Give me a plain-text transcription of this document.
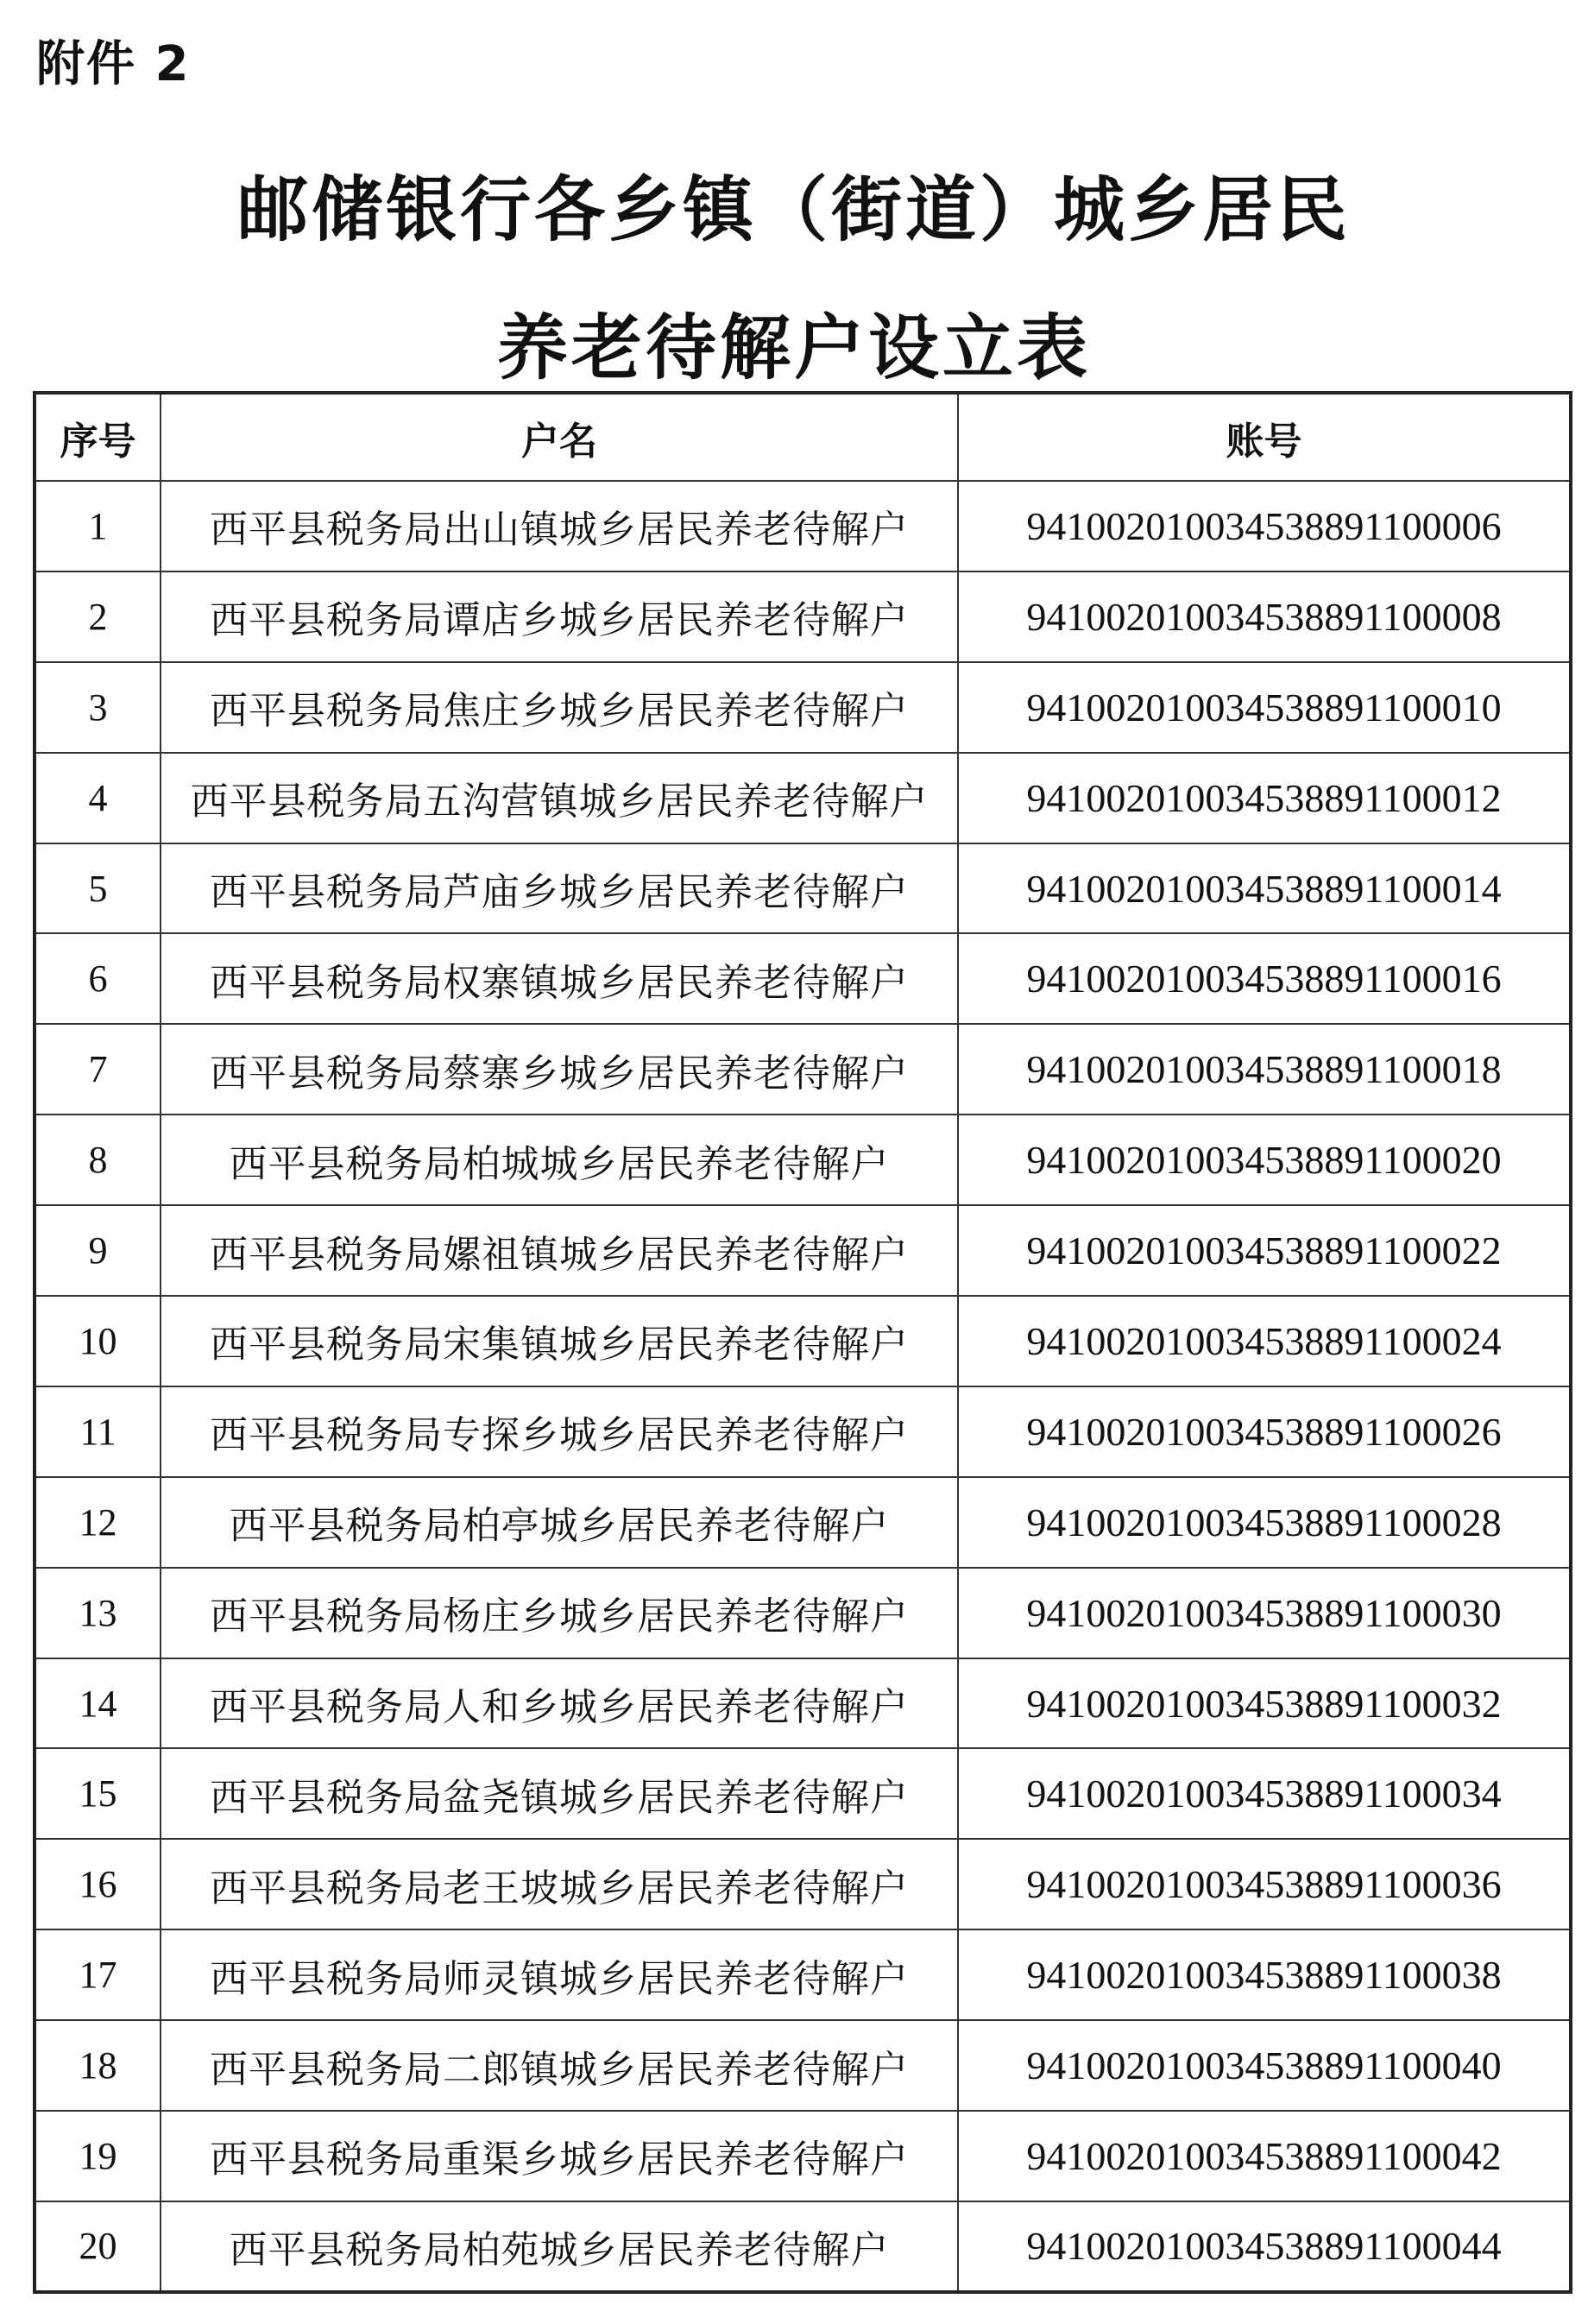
附件 2
邮储银行各乡镇（街道）城乡居民
养老待解户设立表
序号	户名	账号
1	西平县税务局出山镇城乡居民养老待解户	941002010034538891100006
2	西平县税务局谭店乡城乡居民养老待解户	941002010034538891100008
3	西平县税务局焦庄乡城乡居民养老待解户	941002010034538891100010
4	西平县税务局五沟营镇城乡居民养老待解户	941002010034538891100012
5	西平县税务局芦庙乡城乡居民养老待解户	941002010034538891100014
6	西平县税务局权寨镇城乡居民养老待解户	941002010034538891100016
7	西平县税务局蔡寨乡城乡居民养老待解户	941002010034538891100018
8	西平县税务局柏城城乡居民养老待解户	941002010034538891100020
9	西平县税务局嫘祖镇城乡居民养老待解户	941002010034538891100022
10	西平县税务局宋集镇城乡居民养老待解户	941002010034538891100024
11	西平县税务局专探乡城乡居民养老待解户	941002010034538891100026
12	西平县税务局柏亭城乡居民养老待解户	941002010034538891100028
13	西平县税务局杨庄乡城乡居民养老待解户	941002010034538891100030
14	西平县税务局人和乡城乡居民养老待解户	941002010034538891100032
15	西平县税务局盆尧镇城乡居民养老待解户	941002010034538891100034
16	西平县税务局老王坡城乡居民养老待解户	941002010034538891100036
17	西平县税务局师灵镇城乡居民养老待解户	941002010034538891100038
18	西平县税务局二郎镇城乡居民养老待解户	941002010034538891100040
19	西平县税务局重渠乡城乡居民养老待解户	941002010034538891100042
20	西平县税务局柏苑城乡居民养老待解户	941002010034538891100044
